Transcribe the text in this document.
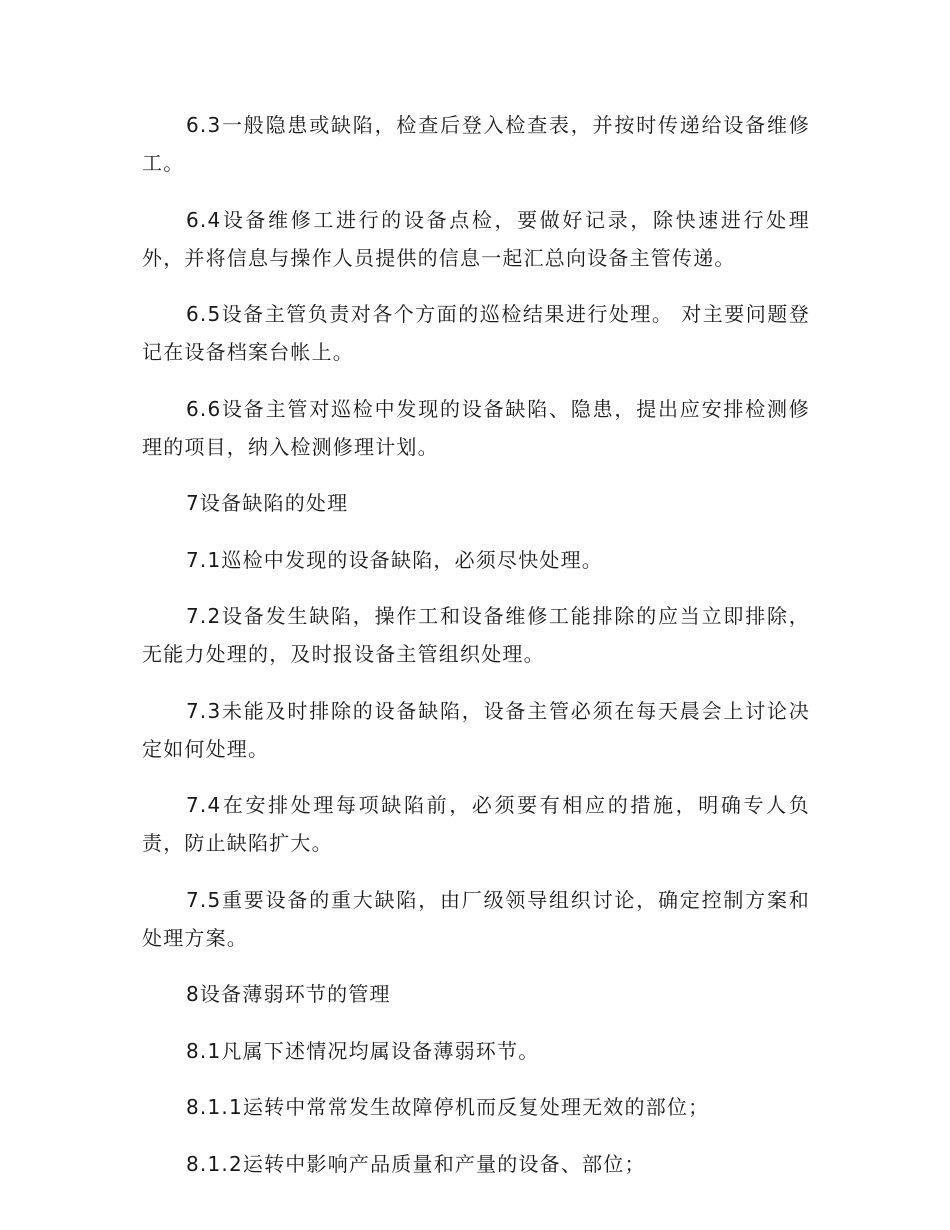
6.3一般隐患或缺陷，检查后登入检查表，并按时传递给设备维修工。

6.4设备维修工进行的设备点检，要做好记录，除快速进行处理外，并将信息与操作人员提供的信息一起汇总向设备主管传递。

6.5设备主管负责对各个方面的巡检结果进行处理。 对主要问题登记在设备档案台帐上。

6.6设备主管对巡检中发现的设备缺陷、隐患，提出应安排检测修理的项目，纳入检测修理计划。

7设备缺陷的处理

7.1巡检中发现的设备缺陷，必须尽快处理。

7.2设备发生缺陷，操作工和设备维修工能排除的应当立即排除，无能力处理的，及时报设备主管组织处理。

7.3未能及时排除的设备缺陷，设备主管必须在每天晨会上讨论决定如何处理。

7.4在安排处理每项缺陷前，必须要有相应的措施，明确专人负责，防止缺陷扩大。

7.5重要设备的重大缺陷，由厂级领导组织讨论，确定控制方案和处理方案。

8设备薄弱环节的管理

8.1凡属下述情况均属设备薄弱环节。

8.1.1运转中常常发生故障停机而反复处理无效的部位；

8.1.2运转中影响产品质量和产量的设备、部位；
